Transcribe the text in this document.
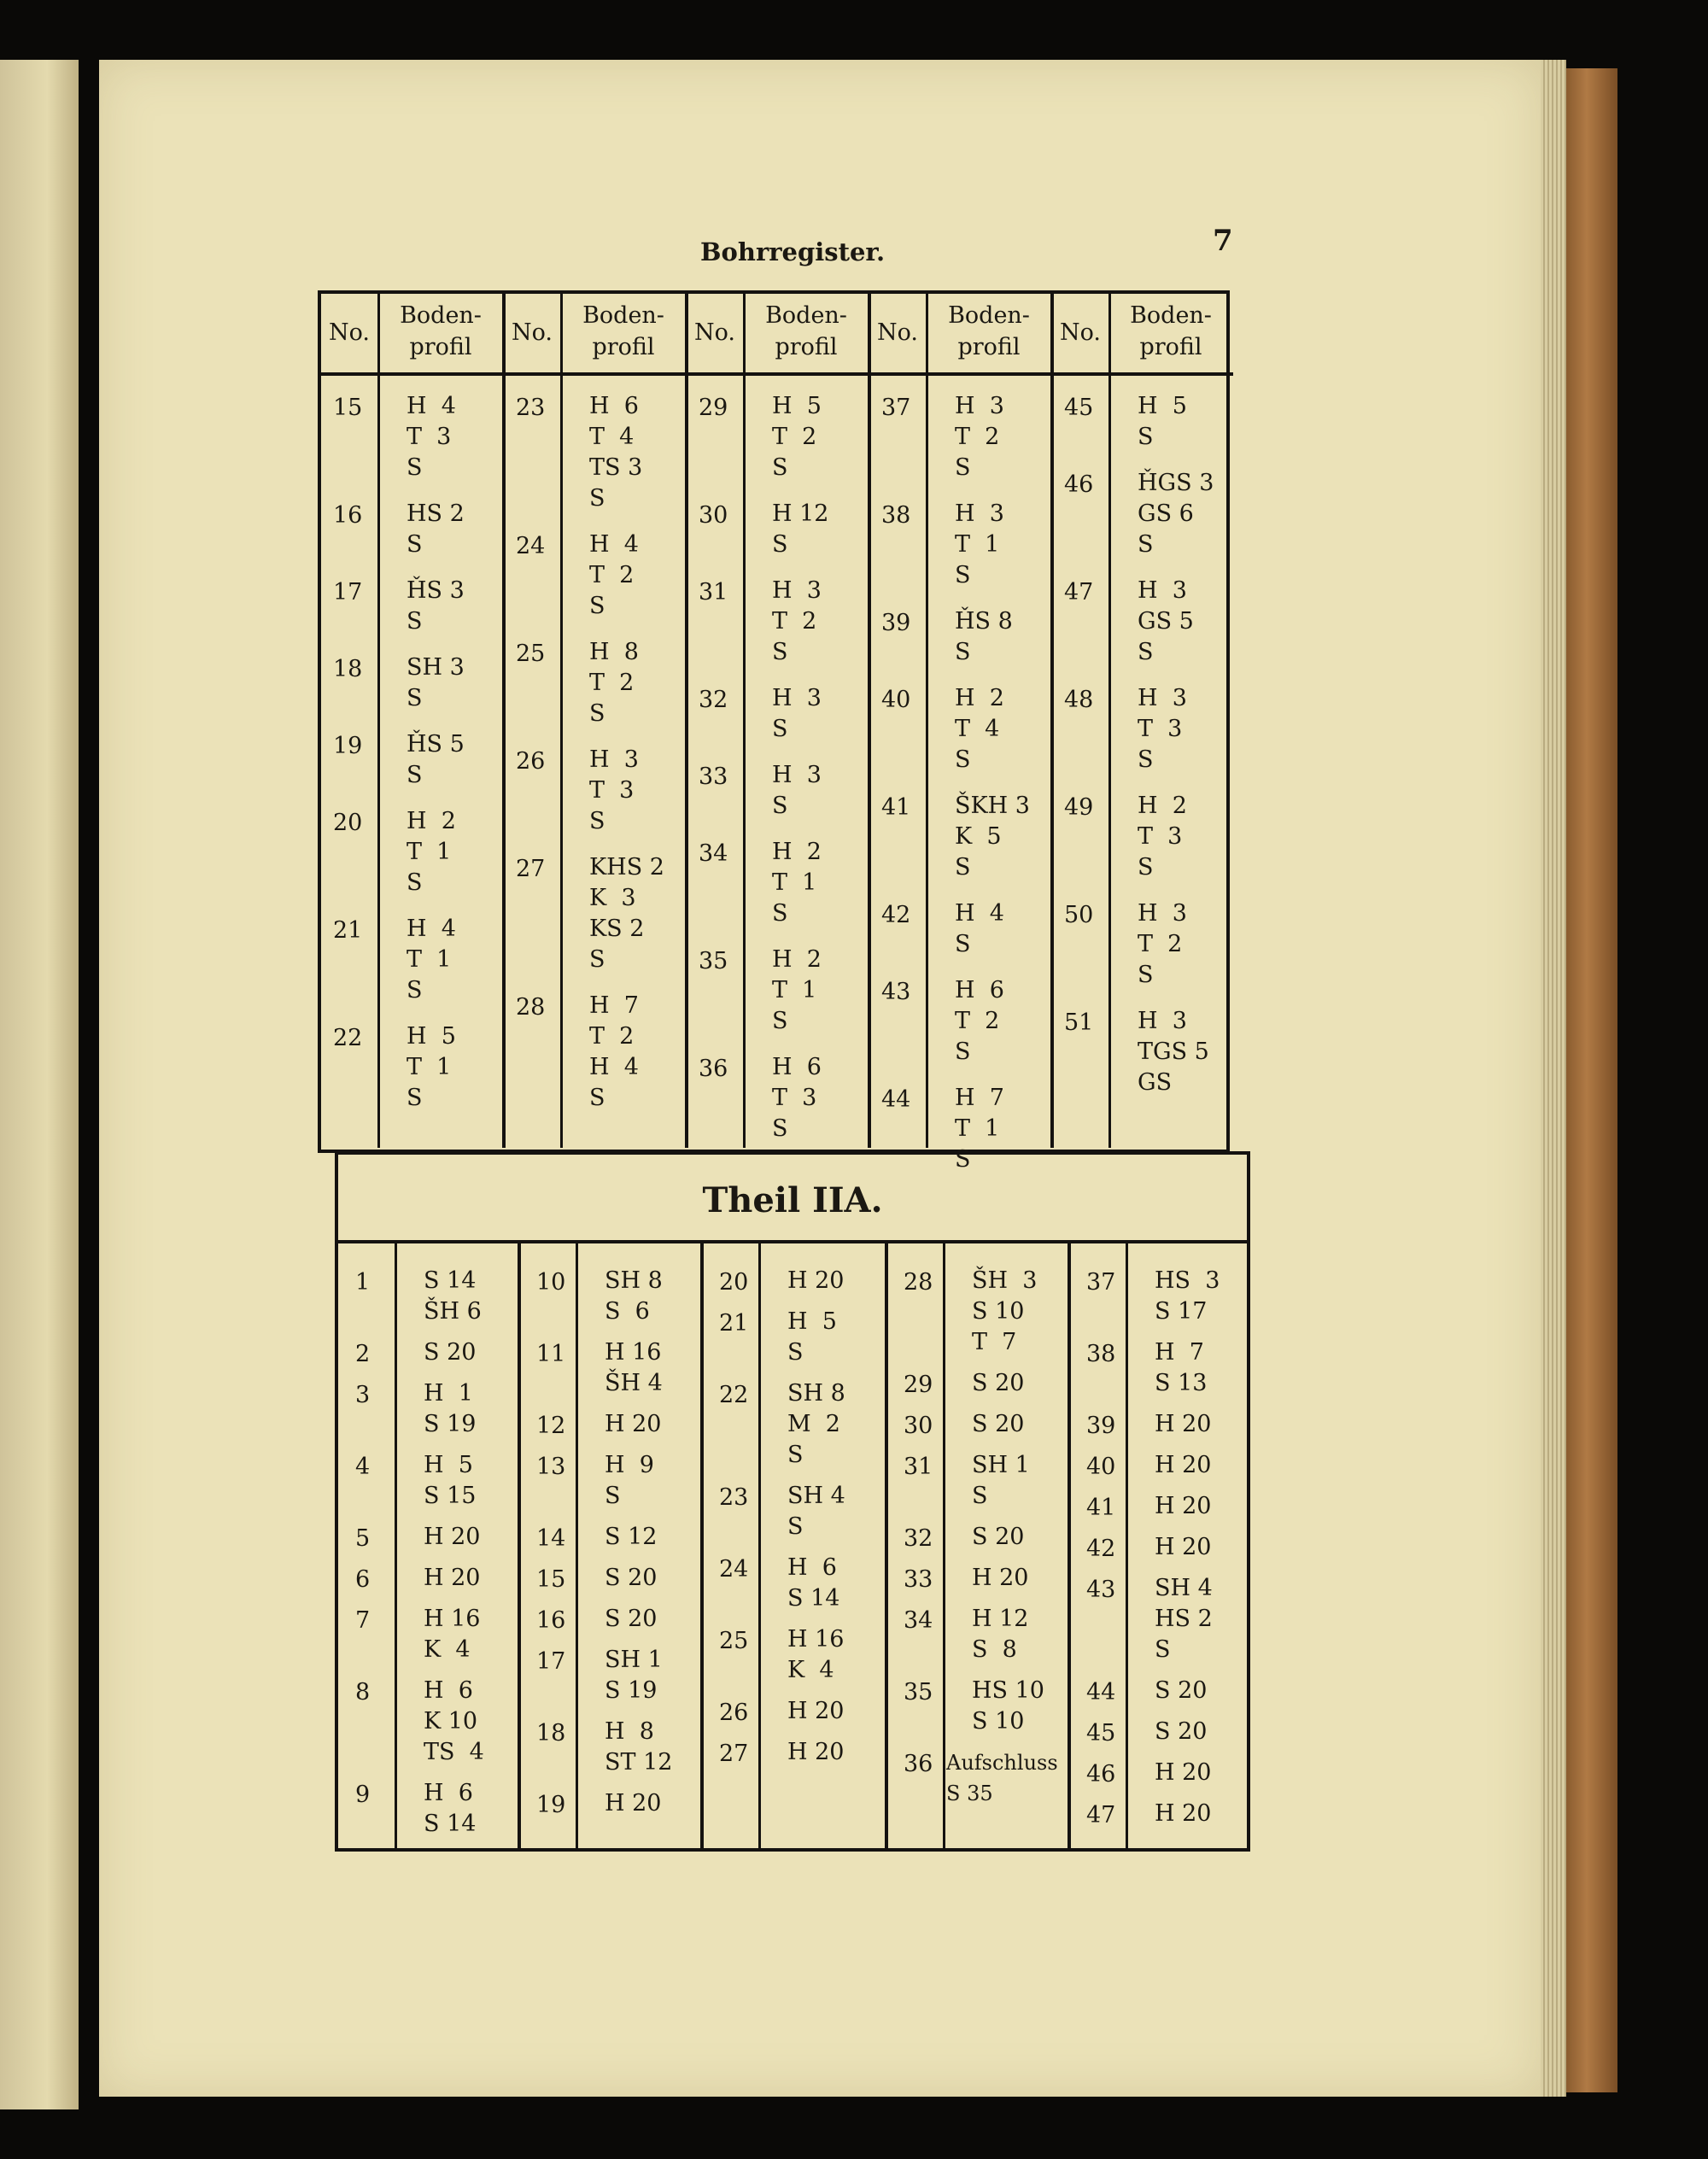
Bohrregister.	7
No.
Boden-
profil
15 H  4
T  3
S
16 HS 2
S
17 ȞS 3
S
18 SH 3
S
19 ȞS 5
S
20 H  2
T  1
S
21 H  4
T  1
S
22 H  5
T  1
S
No.
Boden-
profil
23 H  6
T  4
TS 3
S
24 H  4
T  2
S
25 H  8
T  2
S
26 H  3
T  3
S
27 KHS 2
K  3
KS 2
S
28 H  7
T  2
H  4
S
No.
Boden-
profil
29 H  5
T  2
S
30 H 12
S
31 H  3
T  2
S
32 H  3
S
33 H  3
S
34 H  2
T  1
S
35 H  2
T  1
S
36 H  6
T  3
S
No.
Boden-
profil
37 H  3
T  2
S
38 H  3
T  1
S
39 ȞS 8
S
40 H  2
T  4
S
41 ŠKH 3
K  5
S
42 H  4
S
43 H  6
T  2
S
44 H  7
T  1
S
No.
Boden-
profil
45 H  5
S
46 ȞGS 3
GS 6
S
47 H  3
GS 5
S
48 H  3
T  3
S
49 H  2
T  3
S
50 H  3
T  2
S
51 H  3
TGS 5
GS
Theil IIA.
1 S 14
ŠH 6
2 S 20
3 H  1
S 19
4 H  5
S 15
5 H 20
6 H 20
7 H 16
K  4
8 H  6
K 10
TS  4
9 H  6
S 14
10 SH 8
S  6
11 H 16
ŠH 4
12 H 20
13 H  9
S
14 S 12
15 S 20
16 S 20
17 SH 1
S 19
18 H  8
ST 12
19 H 20
20 H 20
21 H  5
S
22 SH 8
M  2
S
23 SH 4
S
24 H  6
S 14
25 H 16
K  4
26 H 20
27 H 20
28 ŠH  3
S 10
T  7
29 S 20
30 S 20
31 SH 1
S
32 S 20
33 H 20
34 H 12
S  8
35 HS 10
S 10
36 Aufschluss
S 35
37 HS  3
S 17
38 H  7
S 13
39 H 20
40 H 20
41 H 20
42 H 20
43 SH 4
HS 2
S
44 S 20
45 S 20
46 H 20
47 H 20
